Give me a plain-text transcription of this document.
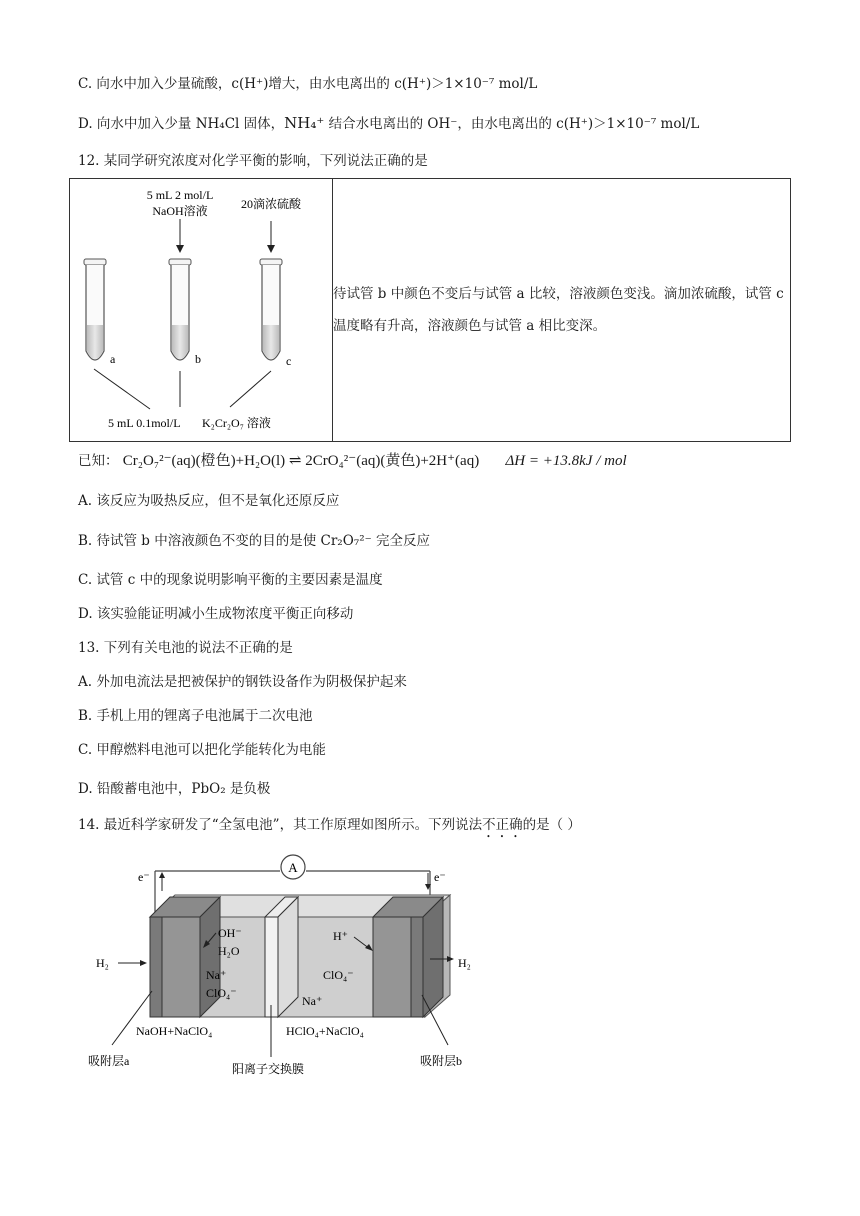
C. 向水中加入少量硫酸，c(H⁺)增大，由水电离出的 c(H⁺)＞1×10⁻⁷ mol/L
D. 向水中加入少量 NH₄Cl 固体，NH₄⁺ 结合水电离出的 OH⁻，由水电离出的 c(H⁺)＞1×10⁻⁷ mol/L
12. 某同学研究浓度对化学平衡的影响，下列说法正确的是
5 mL 2 mol/L
NaOH溶液	20滴浓硫酸
a	b	c
5 mL 0.1mol/L K₂Cr₂O₇ 溶液
	待试管 b 中颜色不变后与试管 a 比较，溶液颜色变浅。滴加浓硫酸，试管 c 温度略有升高，溶液颜色与试管 a 相比变深。
已知： Cr₂O₇²⁻(aq)(橙色)+H₂O(l) ⇌ 2CrO₄²⁻(aq)(黄色)+2H⁺(aq) ΔH = +13.8kJ / mol
A. 该反应为吸热反应，但不是氧化还原反应
B. 待试管 b 中溶液颜色不变的目的是使 Cr₂O₇²⁻ 完全反应
C. 试管 c 中的现象说明影响平衡的主要因素是温度
D. 该实验能证明减小生成物浓度平衡正向移动
13. 下列有关电池的说法不正确的是
A. 外加电流法是把被保护的钢铁设备作为阴极保护起来
B. 手机上用的锂离子电池属于二次电池
C. 甲醇燃料电池可以把化学能转化为电能
D. 铅酸蓄电池中，PbO₂ 是负极
14. 最近科学家研发了“全氢电池”，其工作原理如图所示。下列说法不正确的是（ ）
A
e⁻	e⁻
H₂	H₂
OH⁻
H₂O
Na⁺
ClO₄⁻
H⁺
ClO₄⁻
Na⁺
NaOH+NaClO₄	HClO₄+NaClO₄
吸附层a
阳离子交换膜
吸附层b
